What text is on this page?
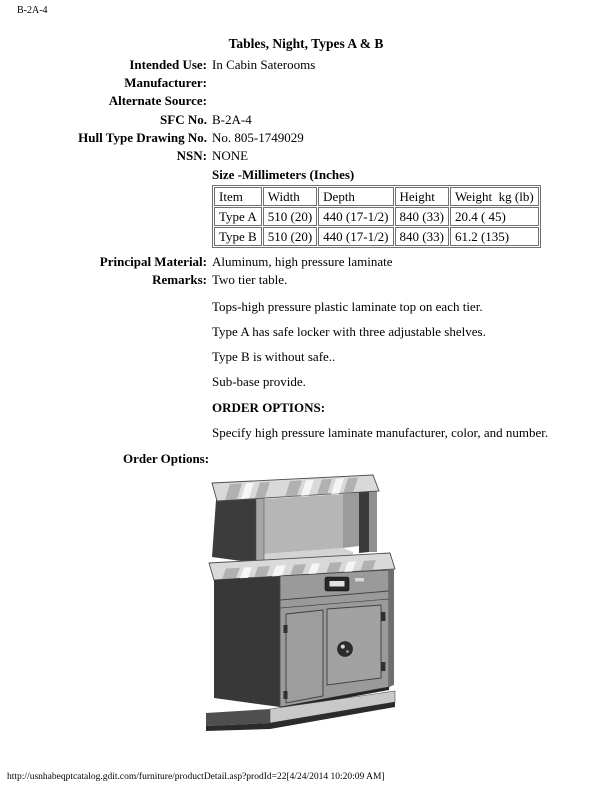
B-2A-4
Tables, Night, Types A & B
Intended Use: In Cabin Saterooms
Manufacturer:
Alternate Source:
SFC No. B-2A-4
Hull Type Drawing No. No. 805-1749029
NSN: NONE
Size -Millimeters (Inches)
Item	Width	Depth	Height	Weight  kg (lb)
Type A	510 (20)	440 (17-1/2)	840 (33)	20.4 ( 45)
Type B	510 (20)	440 (17-1/2)	840 (33)	61.2 (135)
Principal Material: Aluminum, high pressure laminate
Remarks: Two tier table.

Tops-high pressure plastic laminate top on each tier.

Type A has safe locker with three adjustable shelves.

Type B is without safe..

Sub-base provide.

ORDER OPTIONS:

Specify high pressure laminate manufacturer, color, and number.

Order Options:
http://usnhabeqptcatalog.gdit.com/furniture/productDetail.asp?prodId=22[4/24/2014 10:20:09 AM]
